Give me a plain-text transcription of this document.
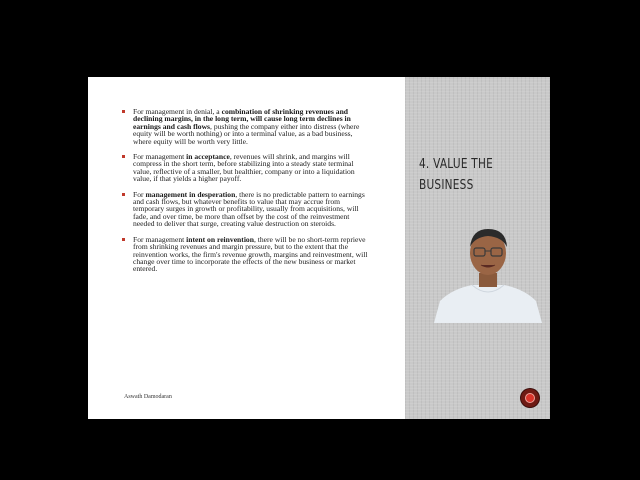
For management in denial, a combination of shrinking revenues and declining margins, in the long term, will cause long term declines in earnings and cash flows, pushing the company either into distress (where equity will be worth nothing) or into a terminal value, as a bad business, where equity will be worth very little.
For management in acceptance, revenues will shrink, and margins will compress in the short term, before stabilizing into a steady state terminal value, reflective of a smaller, but healthier, company or into a liquidation value, if that yields a higher payoff.
For management in desperation, there is no predictable pattern to earnings and cash flows, but whatever benefits to value that may accrue from temporary surges in growth or profitability, usually from acquisitions, will fade, and over time, be more than offset by the cost of the reinvestment needed to deliver that surge, creating value destruction on steroids.
For management intent on reinvention, there will be no short-term reprieve from shrinking revenues and margin pressure, but to the extent that the reinvention works, the firm's revenue growth, margins and reinvestment, will change over time to incorporate the effects of the new business or market entered.
Aswath Damodaran
4. VALUE THE
BUSINESS
